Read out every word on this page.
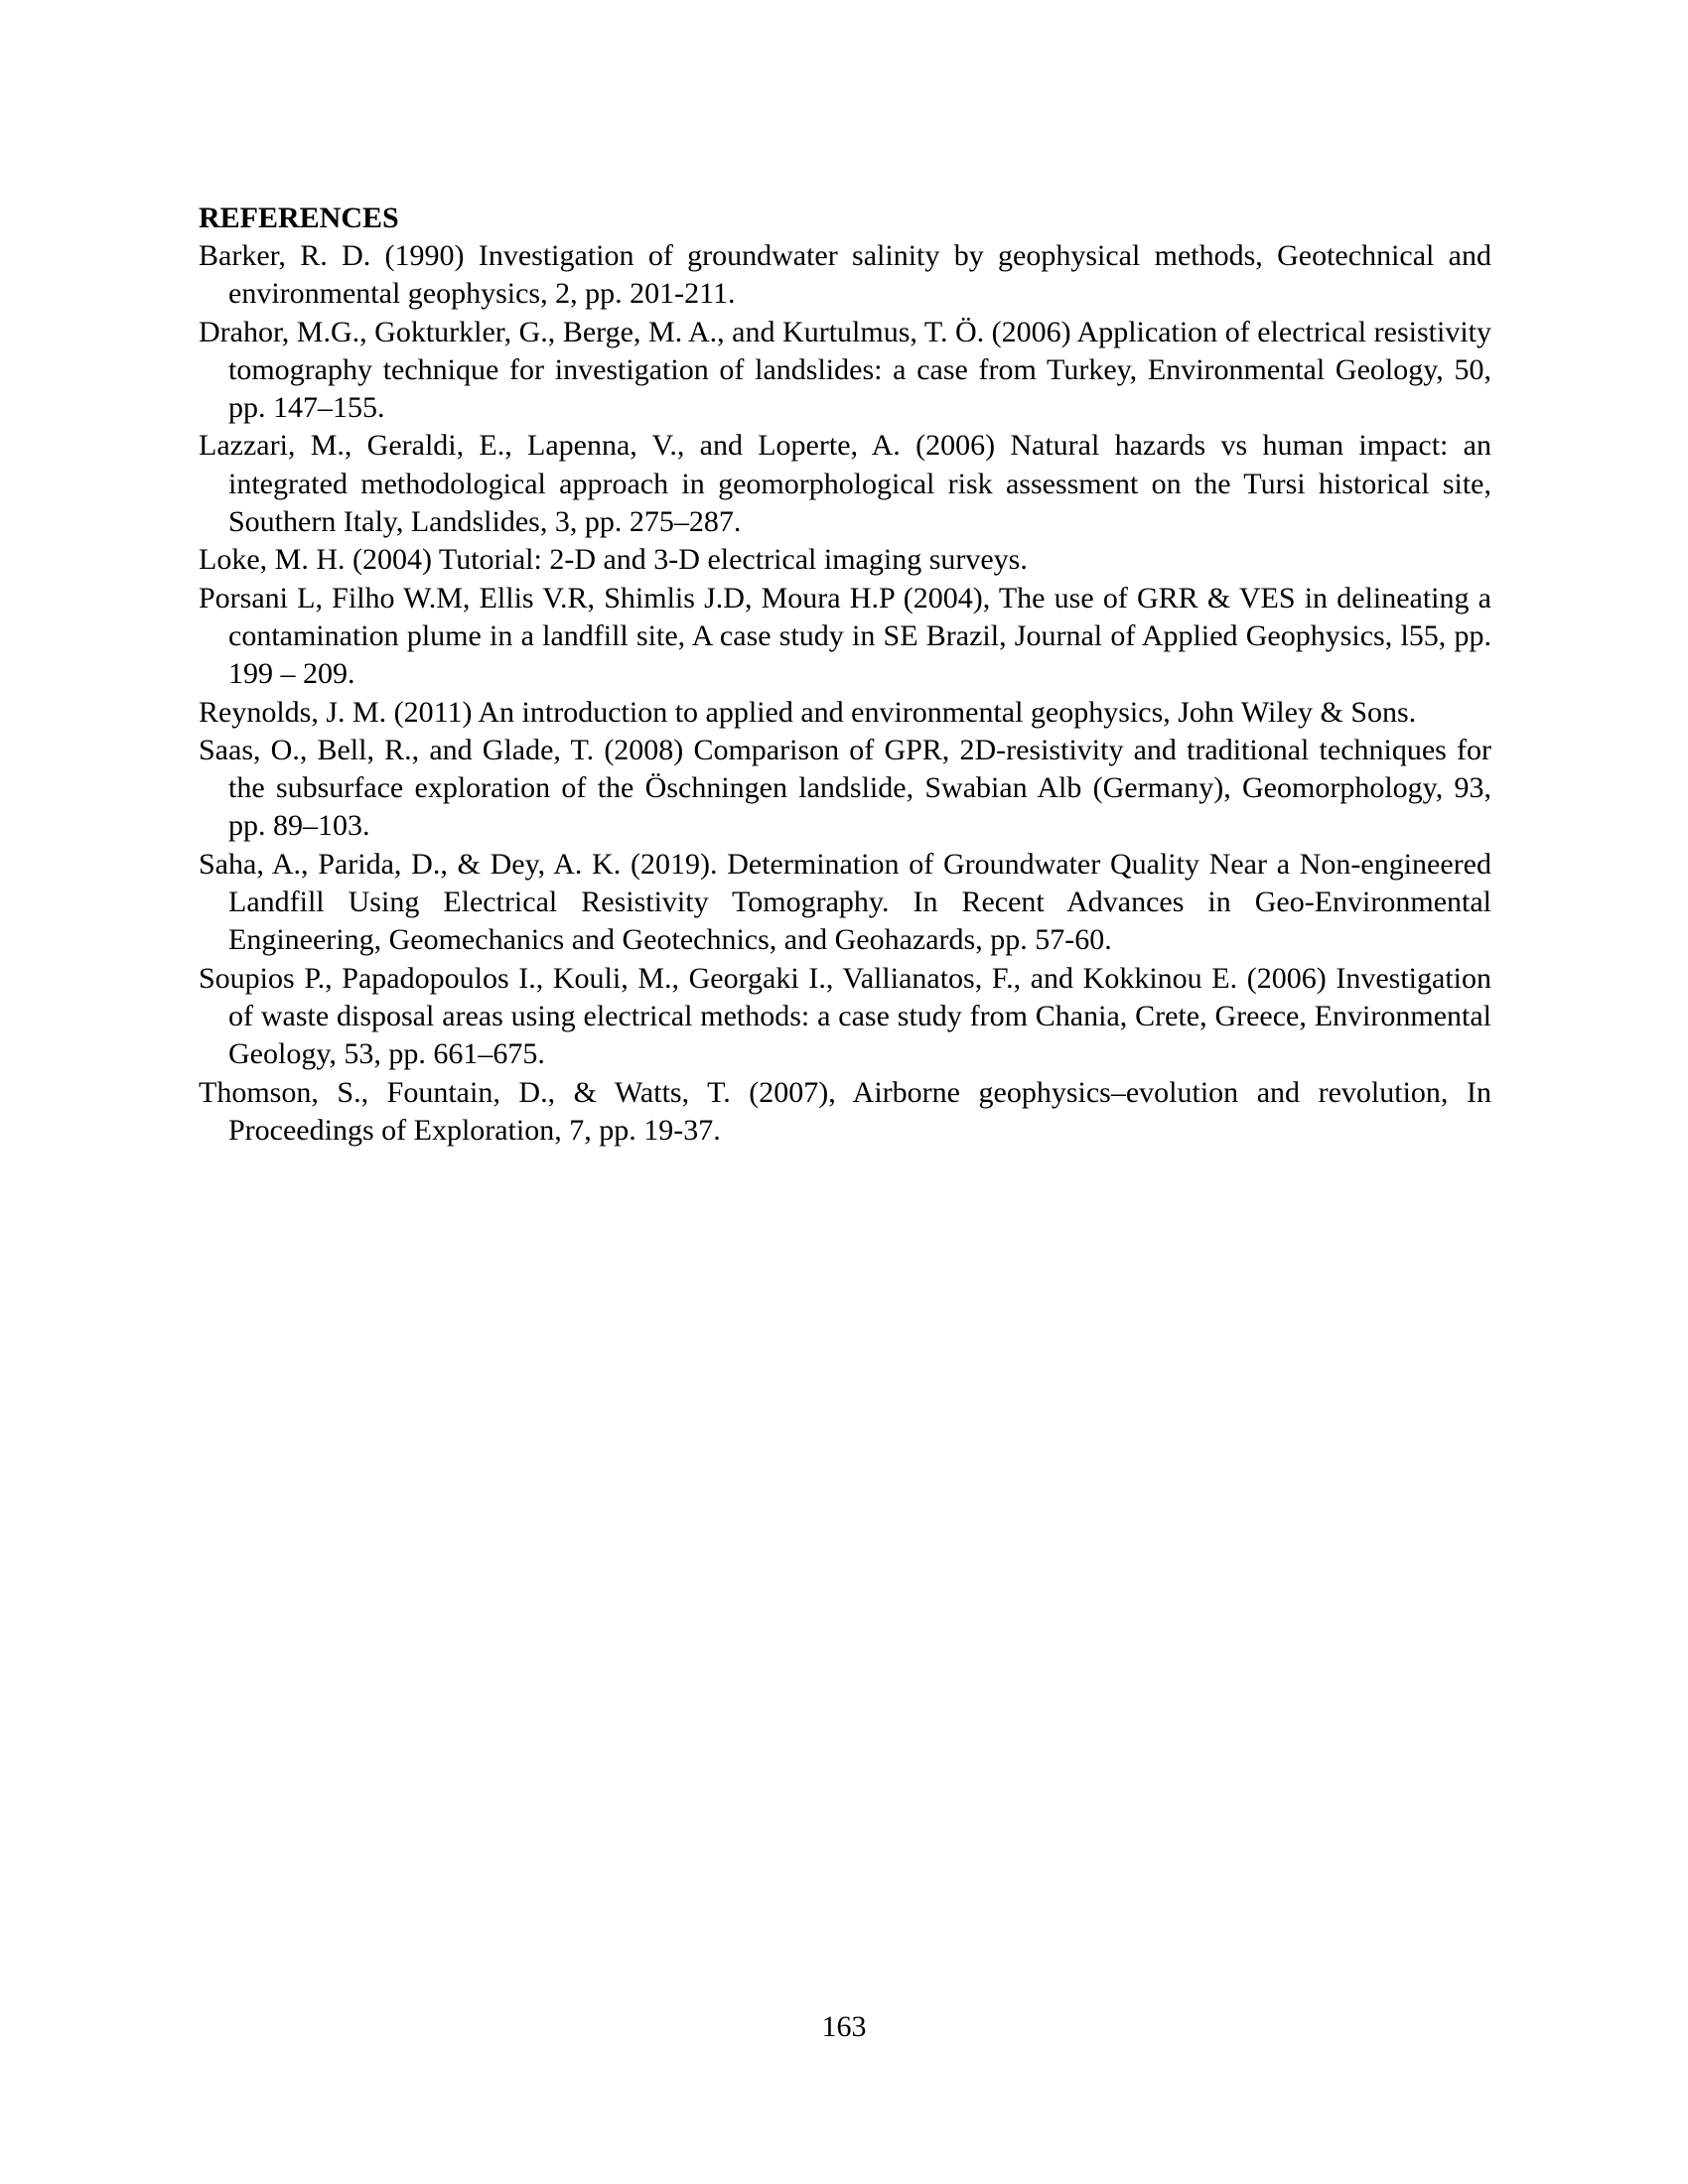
REFERENCES
Barker, R. D. (1990) Investigation of groundwater salinity by geophysical methods, Geotechnical and environmental geophysics, 2, pp. 201-211.
Drahor, M.G., Gokturkler, G., Berge, M. A., and Kurtulmus, T. Ö. (2006) Application of electrical resistivity tomography technique for investigation of landslides: a case from Turkey, Environmental Geology, 50, pp. 147–155.
Lazzari, M., Geraldi, E., Lapenna, V., and Loperte, A. (2006) Natural hazards vs human impact: an integrated methodological approach in geomorphological risk assessment on the Tursi historical site, Southern Italy, Landslides, 3, pp. 275–287.
Loke, M. H. (2004) Tutorial: 2-D and 3-D electrical imaging surveys.
Porsani L, Filho W.M, Ellis V.R, Shimlis J.D, Moura H.P (2004), The use of GRR & VES in delineating a contamination plume in a landfill site, A case study in SE Brazil, Journal of Applied Geophysics, l55, pp. 199 – 209.
Reynolds, J. M. (2011) An introduction to applied and environmental geophysics, John Wiley & Sons.
Saas, O., Bell, R., and Glade, T. (2008) Comparison of GPR, 2D-resistivity and traditional techniques for the subsurface exploration of the Öschningen landslide, Swabian Alb (Germany), Geomorphology, 93, pp. 89–103.
Saha, A., Parida, D., & Dey, A. K. (2019). Determination of Groundwater Quality Near a Non-engineered Landfill Using Electrical Resistivity Tomography. In Recent Advances in Geo-Environmental Engineering, Geomechanics and Geotechnics, and Geohazards, pp. 57-60.
Soupios P., Papadopoulos I., Kouli, M., Georgaki I., Vallianatos, F., and Kokkinou E. (2006) Investigation of waste disposal areas using electrical methods: a case study from Chania, Crete, Greece, Environmental Geology, 53, pp. 661–675.
Thomson, S., Fountain, D., & Watts, T. (2007), Airborne geophysics–evolution and revolution, In Proceedings of Exploration, 7, pp. 19-37.
163
